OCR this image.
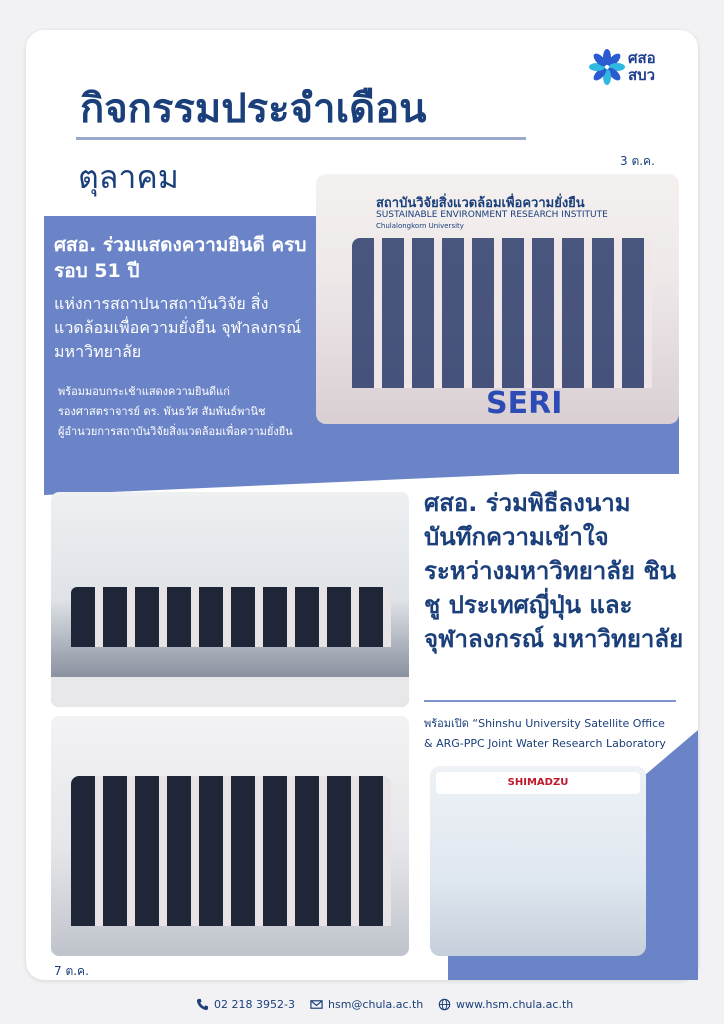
ศสอ
สบว
กิจกรรมประจำเดือน
ตุลาคม	3 ต.ค.
สถาบันวิจัยสิ่งแวดล้อมเพื่อความยั่งยืน
SUSTAINABLE ENVIRONMENT RESEARCH INSTITUTE
Chulalongkorn University
SERI
ศสอ. ร่วมแสดงความยินดี ครบรอบ 51 ปี
แห่งการสถาปนาสถาบันวิจัย สิ่งแวดล้อมเพื่อความยั่งยืน จุฬาลงกรณ์มหาวิทยาลัย
พร้อมมอบกระเช้าแสดงความยินดีแก่
รองศาสตราจารย์ ดร. พันธวัศ สัมพันธ์พานิช
ผู้อำนวยการสถาบันวิจัยสิ่งแวดล้อมเพื่อความยั่งยืน
ศสอ. ร่วมพิธีลงนาม บันทึกความเข้าใจ ระหว่างมหาวิทยาลัย ชินชู ประเทศญี่ปุ่น และจุฬาลงกรณ์ มหาวิทยาลัย
พร้อมเปิด “Shinshu University Satellite Office
& ARG-PPC Joint Water Research Laboratory
SHIMADZU
7 ต.ค.
02 218 3952-3	hsm@chula.ac.th	www.hsm.chula.ac.th
